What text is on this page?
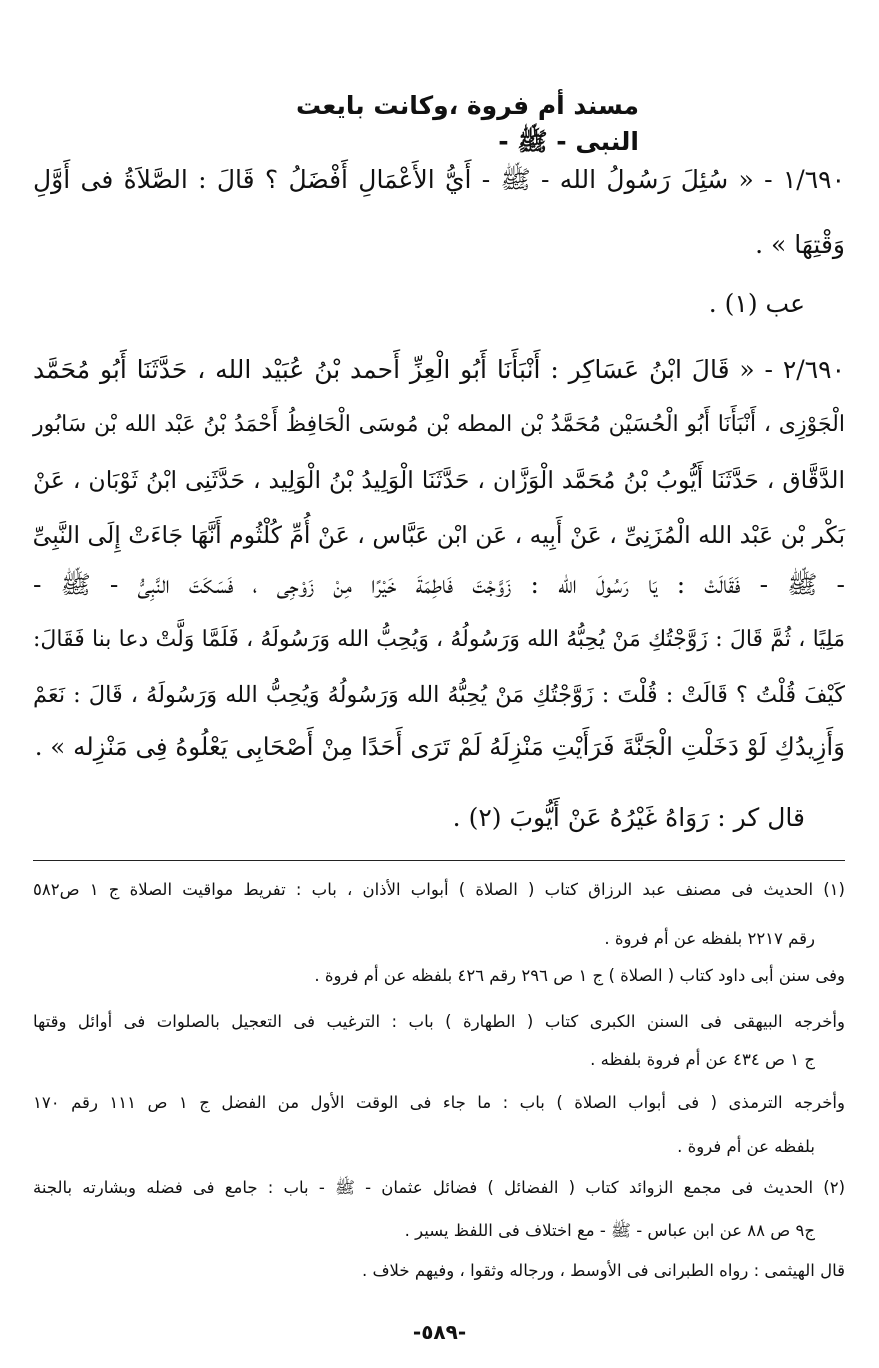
مسند أم فروة ،وكانت بايعت النبى - ﷺ -
١/٦٩٠ - « سُئِلَ رَسُولُ الله - ﷺ - أَيُّ الأَعْمَالِ أَفْضَلُ ؟ قَالَ : الصَّلاَةُ فى أَوَّلِ
وَقْتِهَا » .
عب (١) .
٢/٦٩٠ - « قَالَ ابْنُ عَسَاكِر : أَنْبَأَنَا أَبُو الْعِزِّ أَحمد بْنُ عُبَيْد الله ، حَدَّثَنَا أَبُو مُحَمَّد
الْجَوْزِى ، أَنْبَأَنَا أَبُو الْحُسَيْن مُحَمَّدُ بْن المطه بْن مُوسَى الْحَافِظُ أَحْمَدُ بْنُ عَبْد الله بْن سَابُور
الدَّقَّاق ، حَدَّثَنَا أَيُّوبُ بْنُ مُحَمَّد الْوَزَّان ، حَدَّثَنَا الْوَلِيدُ بْنُ الْوَلِيد ، حَدَّثَنِى ابْنُ ثَوْبَان ، عَنْ
بَكْر بْن عَبْد الله الْمُزَنِىِّ ، عَنْ أَبِيه ، عَن ابْن عَبَّاس ، عَنْ أُمِّ كُلْثُوم أَنَّهَا جَاءَتْ إِلَى النَّبِىِّ
- ﷺ - فَقَالَتْ : يَا رَسُولَ الله : زَوَّجْتَ فَاطِمَةَ خَيْرًا مِنْ زَوْجِى ، فَسَكَتَ النَّبِىُّ - ﷺ -
مَلِيًا ، ثُمَّ قَالَ : زَوَّجْتُكِ مَنْ يُحِبُّهُ الله وَرَسُولُهُ ، وَيُحِبُّ الله وَرَسُولَهُ ، فَلَمَّا وَلَّتْ دعا بنا فَقَالَ:
كَيْفَ قُلْتُ ؟ قَالَتْ : قُلْتَ : زَوَّجْتُكِ مَنْ يُحِبُّهُ الله وَرَسُولُهُ وَيُحِبُّ الله وَرَسُولَهُ ، قَالَ : نَعَمْ
وَأَزِيدُكِ لَوْ دَخَلْتِ الْجَنَّةَ فَرَأَيْتِ مَنْزِلَهُ لَمْ تَرَى أَحَدًا مِنْ أَصْحَابِى يَعْلُوهُ فِى مَنْزِله » .
قال كر : رَوَاهُ غَيْرُهُ عَنْ أَيُّوبَ (٢) .
(١) الحديث فى مصنف عبد الرزاق كتاب ( الصلاة ) أبواب الأذان ، باب : تفريط مواقيت الصلاة ج ١ ص٥٨٢
رقم ٢٢١٧ بلفظه عن أم فروة .
وفى سنن أبى داود كتاب ( الصلاة ) ج ١ ص ٢٩٦ رقم ٤٢٦ بلفظه عن أم فروة .
وأخرجه البيهقى فى السنن الكبرى كتاب ( الطهارة ) باب : الترغيب فى التعجيل بالصلوات فى أوائل وقتها
ج ١ ص ٤٣٤ عن أم فروة بلفظه .
وأخرجه الترمذى ( فى أبواب الصلاة ) باب : ما جاء فى الوقت الأول من الفضل ج ١ ص ١١١ رقم ١٧٠
بلفظه عن أم فروة .
(٢) الحديث فى مجمع الزوائد كتاب ( الفضائل ) فضائل عثمان - ﷺ - باب : جامع فى فضله وبشارته بالجنة
ج٩ ص ٨٨ عن ابن عباس - ﷺ - مع اختلاف فى اللفظ يسير .
قال الهيثمى : رواه الطبرانى فى الأوسط ، ورجاله وثقوا ، وفيهم خلاف .
-٥٨٩-
